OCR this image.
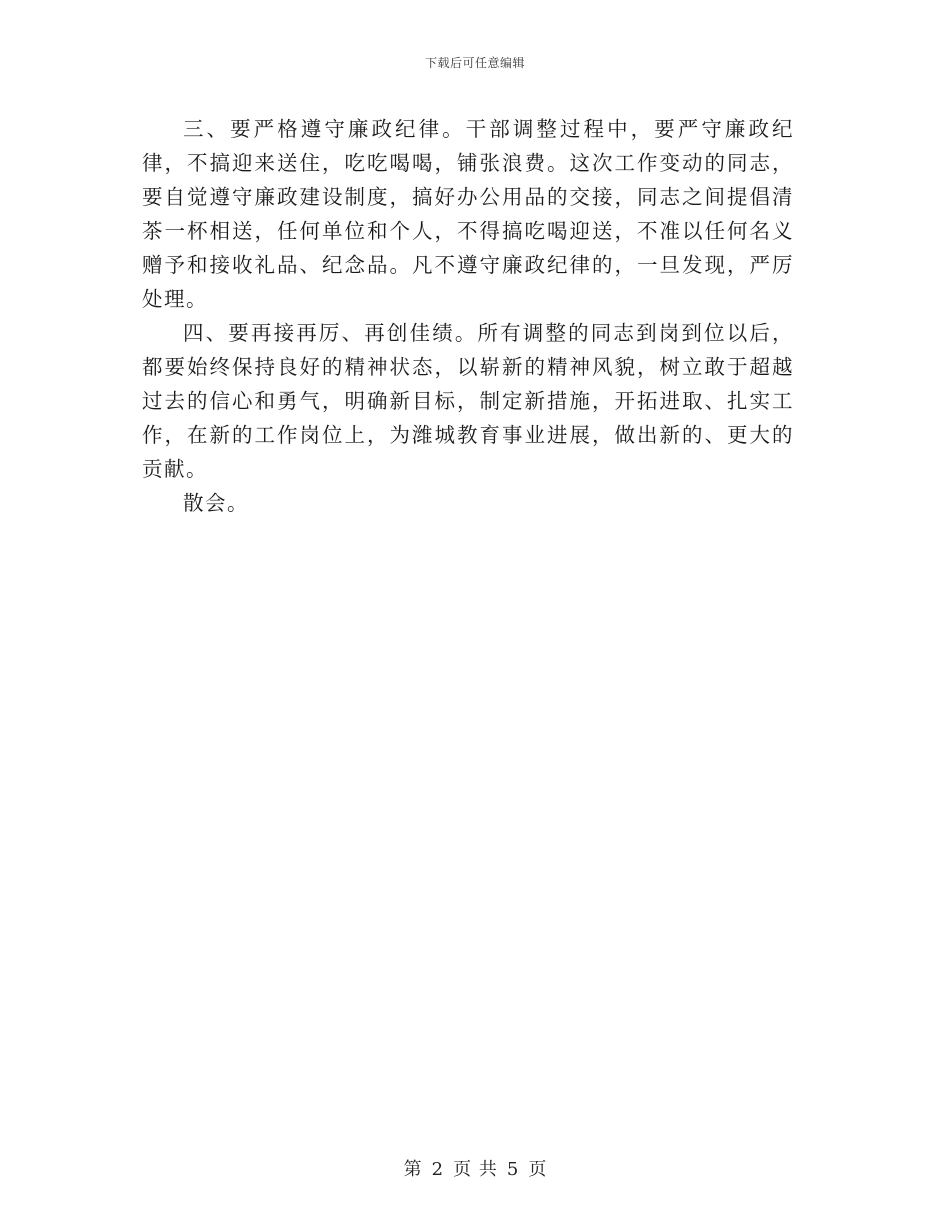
下载后可任意编辑

三、要严格遵守廉政纪律。干部调整过程中，要严守廉政纪律，不搞迎来送住，吃吃喝喝，铺张浪费。这次工作变动的同志，要自觉遵守廉政建设制度，搞好办公用品的交接，同志之间提倡清茶一杯相送，任何单位和个人，不得搞吃喝迎送，不准以任何名义赠予和接收礼品、纪念品。凡不遵守廉政纪律的，一旦发现，严厉处理。

四、要再接再厉、再创佳绩。所有调整的同志到岗到位以后，都要始终保持良好的精神状态，以崭新的精神风貌，树立敢于超越过去的信心和勇气，明确新目标，制定新措施，开拓进取、扎实工作，在新的工作岗位上，为潍城教育事业进展，做出新的、更大的贡献。

散会。

第 2 页 共 5 页
